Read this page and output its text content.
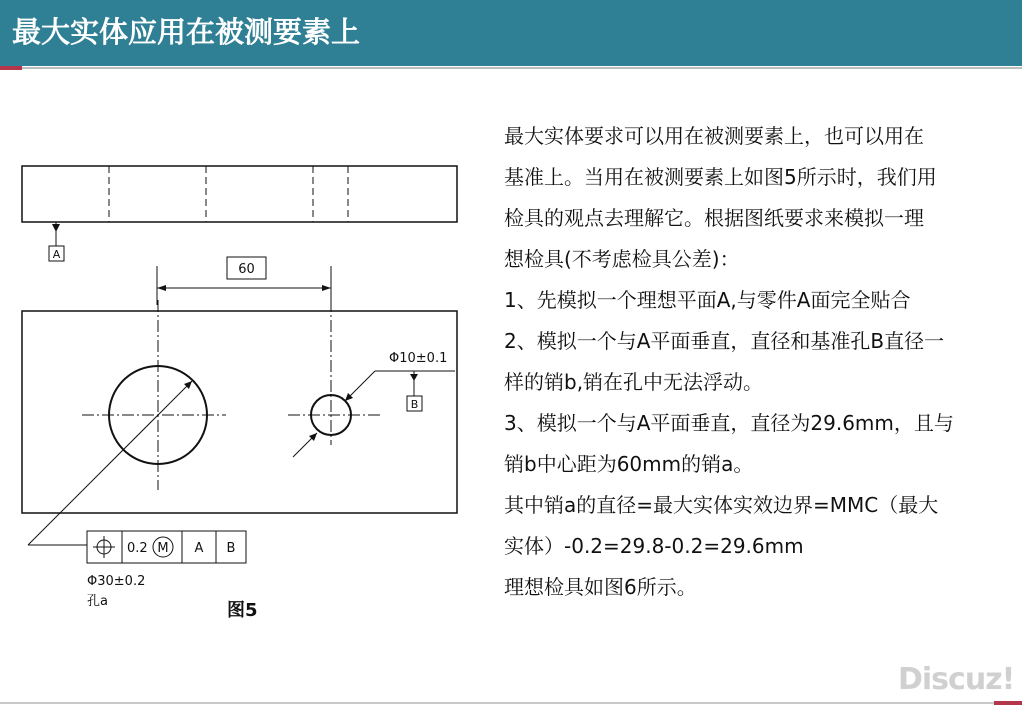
最大实体应用在被测要素上
A
60
Φ10±0.1
B
0.2 M A B
Φ30±0.2
孔a	图5

最大实体要求可以用在被测要素上，也可以用在

基准上。当用在被测要素上如图5所示时，我们用

检具的观点去理解它。根据图纸要求来模拟一理

想检具(不考虑检具公差)：

1、先模拟一个理想平面A,与零件A面完全贴合

2、模拟一个与A平面垂直，直径和基准孔B直径一

样的销b,销在孔中无法浮动。

3、模拟一个与A平面垂直，直径为29.6mm，且与

销b中心距为60mm的销a。

其中销a的直径=最大实体实效边界=MMC（最大

实体）-0.2=29.8-0.2=29.6mm

理想检具如图6所示。

Discuz!
